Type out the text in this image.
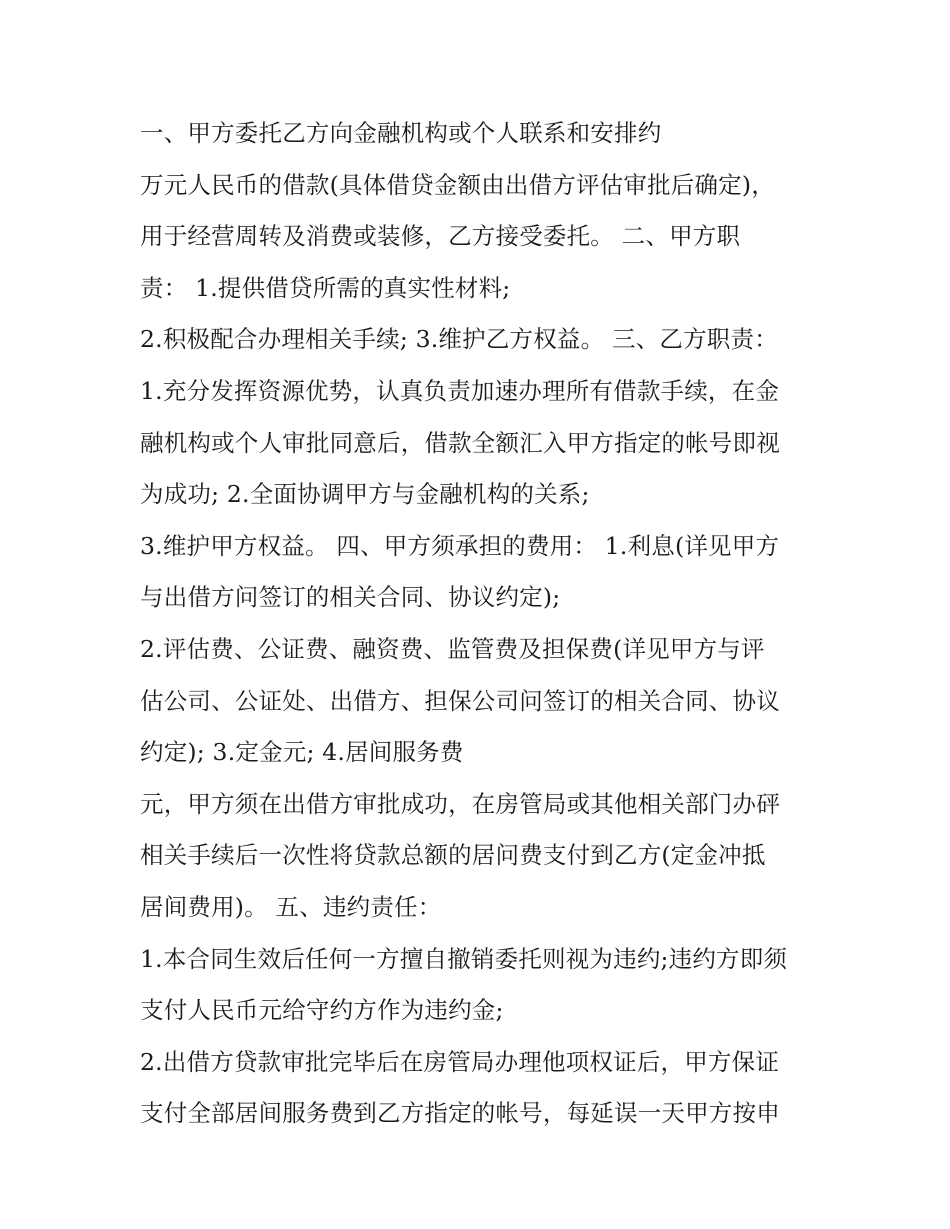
一、甲方委托乙方向金融机构或个人联系和安排约
万元人民币的借款(具体借贷金额由出借方评估审批后确定)，
用于经营周转及消费或装修，乙方接受委托。 二、甲方职
责： 1.提供借贷所需的真实性材料;
2.积极配合办理相关手续; 3.维护乙方权益。 三、乙方职责：
1.充分发挥资源优势，认真负责加速办理所有借款手续，在金
融机构或个人审批同意后，借款全额汇入甲方指定的帐号即视
为成功; 2.全面协调甲方与金融机构的关系;
3.维护甲方权益。 四、甲方须承担的费用： 1.利息(详见甲方
与出借方问签订的相关合同、协议约定);
2.评估费、公证费、融资费、监管费及担保费(详见甲方与评
估公司、公证处、出借方、担保公司问签订的相关合同、协议
约定); 3.定金元; 4.居间服务费
元，甲方须在出借方审批成功，在房管局或其他相关部门办砰
相关手续后一次性将贷款总额的居问费支付到乙方(定金冲抵
居间费用)。 五、违约责任：
1.本合同生效后任何一方擅自撤销委托则视为违约;违约方即须
支付人民币元给守约方作为违约金;
2.出借方贷款审批完毕后在房管局办理他项权证后，甲方保证
支付全部居间服务费到乙方指定的帐号，每延误一天甲方按申
